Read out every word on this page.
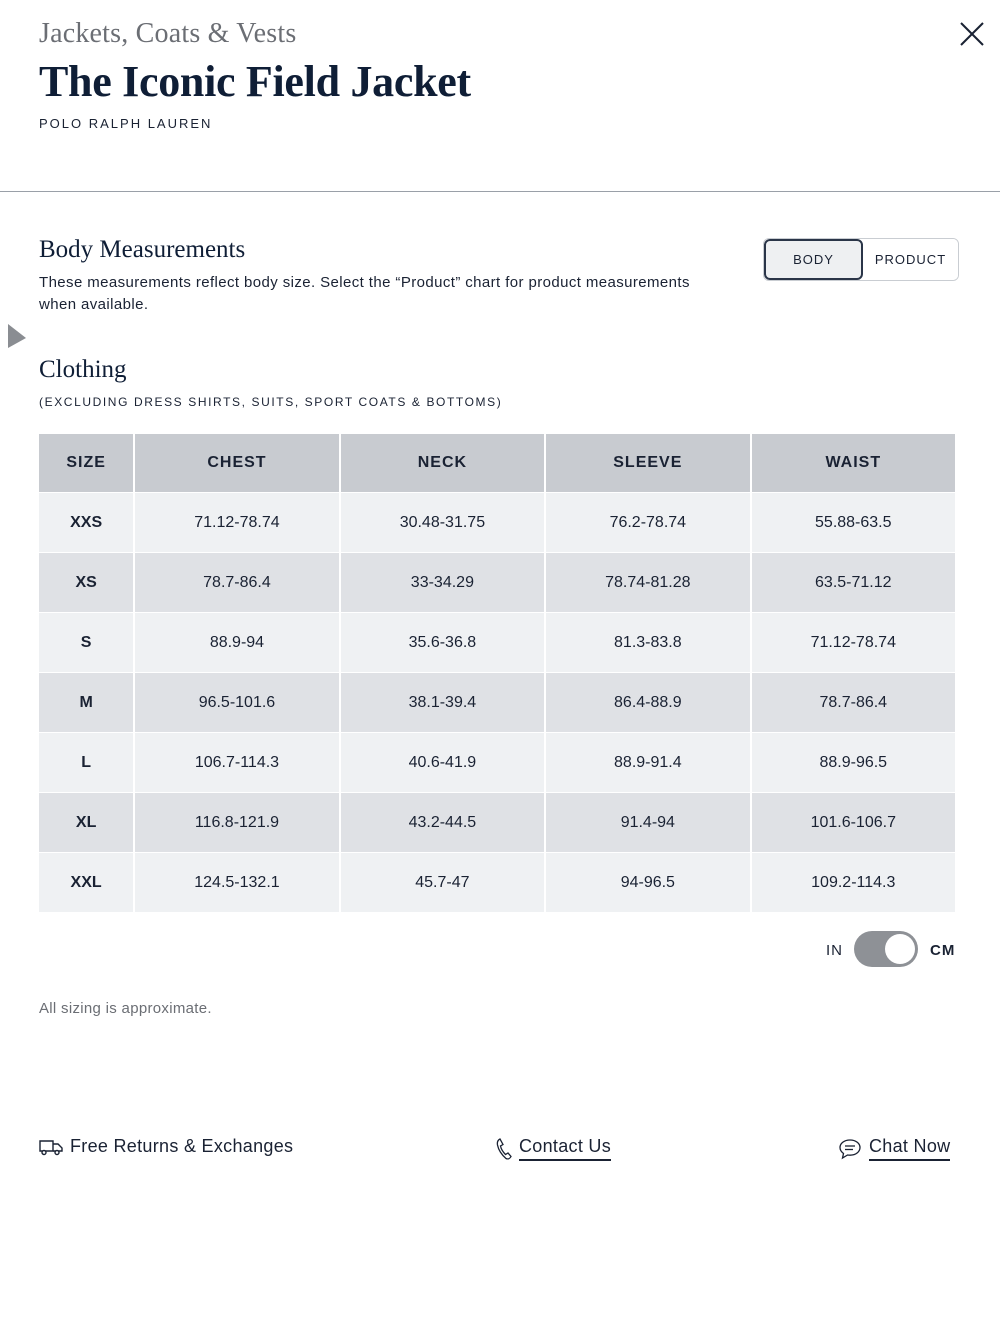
Jackets, Coats & Vests
The Iconic Field Jacket
POLO RALPH LAUREN
Body Measurements
These measurements reflect body size. Select the “Product” chart for product measurements when available.
BODY	PRODUCT
Clothing
(EXCLUDING DRESS SHIRTS, SUITS, SPORT COATS & BOTTOMS)
SIZE	CHEST	NECK	SLEEVE	WAIST
XXS	71.12-78.74	30.48-31.75	76.2-78.74	55.88-63.5
XS	78.7-86.4	33-34.29	78.74-81.28	63.5-71.12
S	88.9-94	35.6-36.8	81.3-83.8	71.12-78.74
M	96.5-101.6	38.1-39.4	86.4-88.9	78.7-86.4
L	106.7-114.3	40.6-41.9	88.9-91.4	88.9-96.5
XL	116.8-121.9	43.2-44.5	91.4-94	101.6-106.7
XXL	124.5-132.1	45.7-47	94-96.5	109.2-114.3
IN	CM
All sizing is approximate.
Free Returns & Exchanges	Contact Us	Chat Now
